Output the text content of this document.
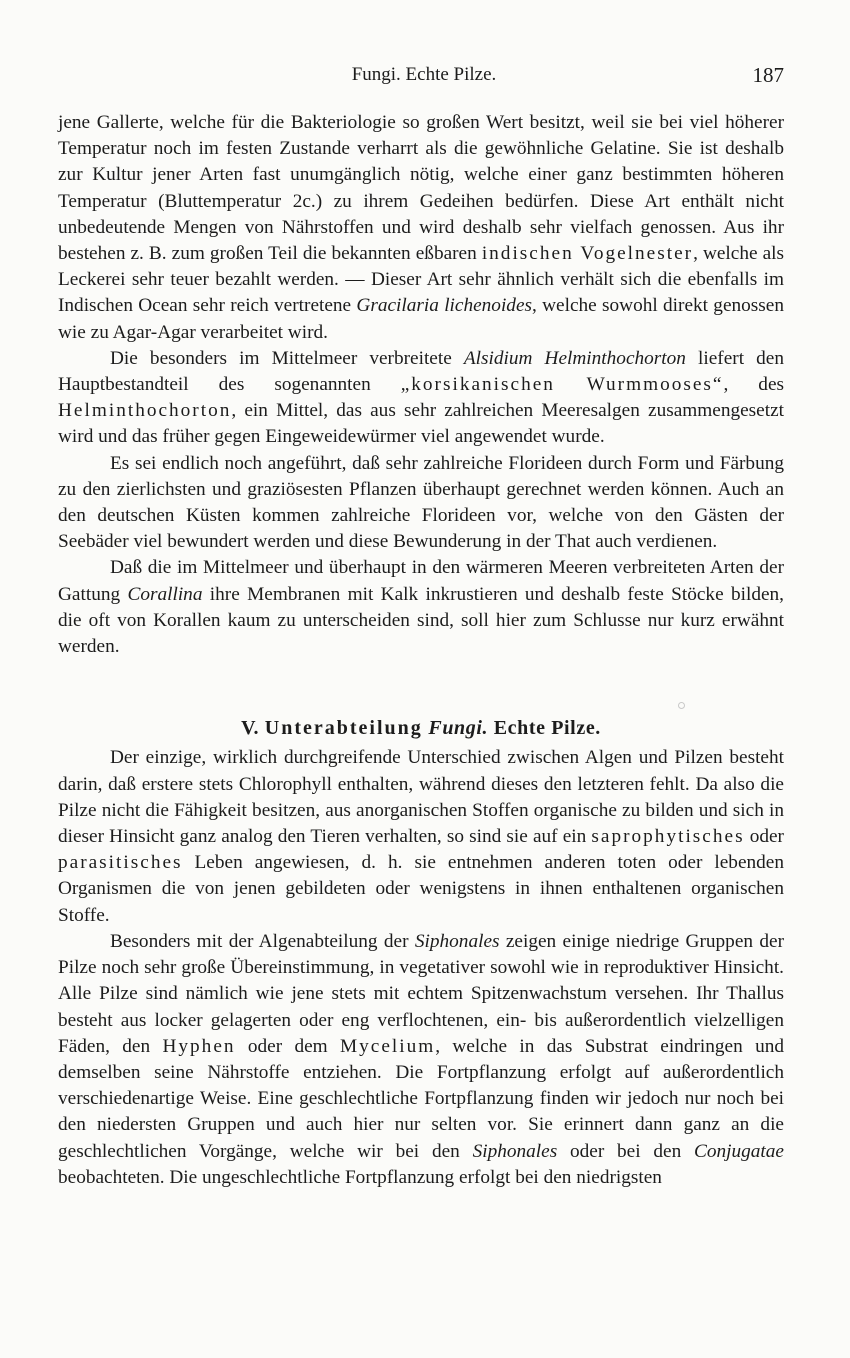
Fungi. Echte Pilze.	187

jene Gallerte, welche für die Bakteriologie so großen Wert besitzt, weil sie bei viel höherer Temperatur noch im festen Zustande verharrt als die gewöhnliche Gelatine. Sie ist deshalb zur Kultur jener Arten fast unumgänglich nötig, welche einer ganz bestimmten höheren Temperatur (Bluttemperatur 2c.) zu ihrem Gedeihen bedürfen. Diese Art enthält nicht unbedeutende Mengen von Nährstoffen und wird deshalb sehr vielfach genossen. Aus ihr bestehen z. B. zum großen Teil die bekannten eßbaren indischen Vogelnester, welche als Leckerei sehr teuer bezahlt werden. — Dieser Art sehr ähnlich verhält sich die ebenfalls im Indischen Ocean sehr reich vertretene Gracilaria lichenoides, welche sowohl direkt genossen wie zu Agar-Agar verarbeitet wird.

Die besonders im Mittelmeer verbreitete Alsidium Helminthochorton liefert den Hauptbestandteil des sogenannten „korsikanischen Wurmmooses“, des Helminthochorton, ein Mittel, das aus sehr zahlreichen Meeresalgen zusammengesetzt wird und das früher gegen Eingeweidewürmer viel angewendet wurde.

Es sei endlich noch angeführt, daß sehr zahlreiche Florideen durch Form und Färbung zu den zierlichsten und graziösesten Pflanzen überhaupt gerechnet werden können. Auch an den deutschen Küsten kommen zahlreiche Florideen vor, welche von den Gästen der Seebäder viel bewundert werden und diese Bewunderung in der That auch verdienen.

Daß die im Mittelmeer und überhaupt in den wärmeren Meeren verbreiteten Arten der Gattung Corallina ihre Membranen mit Kalk inkrustieren und deshalb feste Stöcke bilden, die oft von Korallen kaum zu unterscheiden sind, soll hier zum Schlusse nur kurz erwähnt werden.

V. Unterabteilung Fungi. Echte Pilze.

Der einzige, wirklich durchgreifende Unterschied zwischen Algen und Pilzen besteht darin, daß erstere stets Chlorophyll enthalten, während dieses den letzteren fehlt. Da also die Pilze nicht die Fähigkeit besitzen, aus anorganischen Stoffen organische zu bilden und sich in dieser Hinsicht ganz analog den Tieren verhalten, so sind sie auf ein saprophytisches oder parasitisches Leben angewiesen, d. h. sie entnehmen anderen toten oder lebenden Organismen die von jenen gebildeten oder wenigstens in ihnen enthaltenen organischen Stoffe.

Besonders mit der Algenabteilung der Siphonales zeigen einige niedrige Gruppen der Pilze noch sehr große Übereinstimmung, in vegetativer sowohl wie in reproduktiver Hinsicht. Alle Pilze sind nämlich wie jene stets mit echtem Spitzenwachstum versehen. Ihr Thallus besteht aus locker gelagerten oder eng verflochtenen, ein- bis außerordentlich vielzelligen Fäden, den Hyphen oder dem Mycelium, welche in das Substrat eindringen und demselben seine Nährstoffe entziehen. Die Fortpflanzung erfolgt auf außerordentlich verschiedenartige Weise. Eine geschlechtliche Fortpflanzung finden wir jedoch nur noch bei den niedersten Gruppen und auch hier nur selten vor. Sie erinnert dann ganz an die geschlechtlichen Vorgänge, welche wir bei den Siphonales oder bei den Conjugatae beobachteten. Die ungeschlechtliche Fortpflanzung erfolgt bei den niedrigsten
